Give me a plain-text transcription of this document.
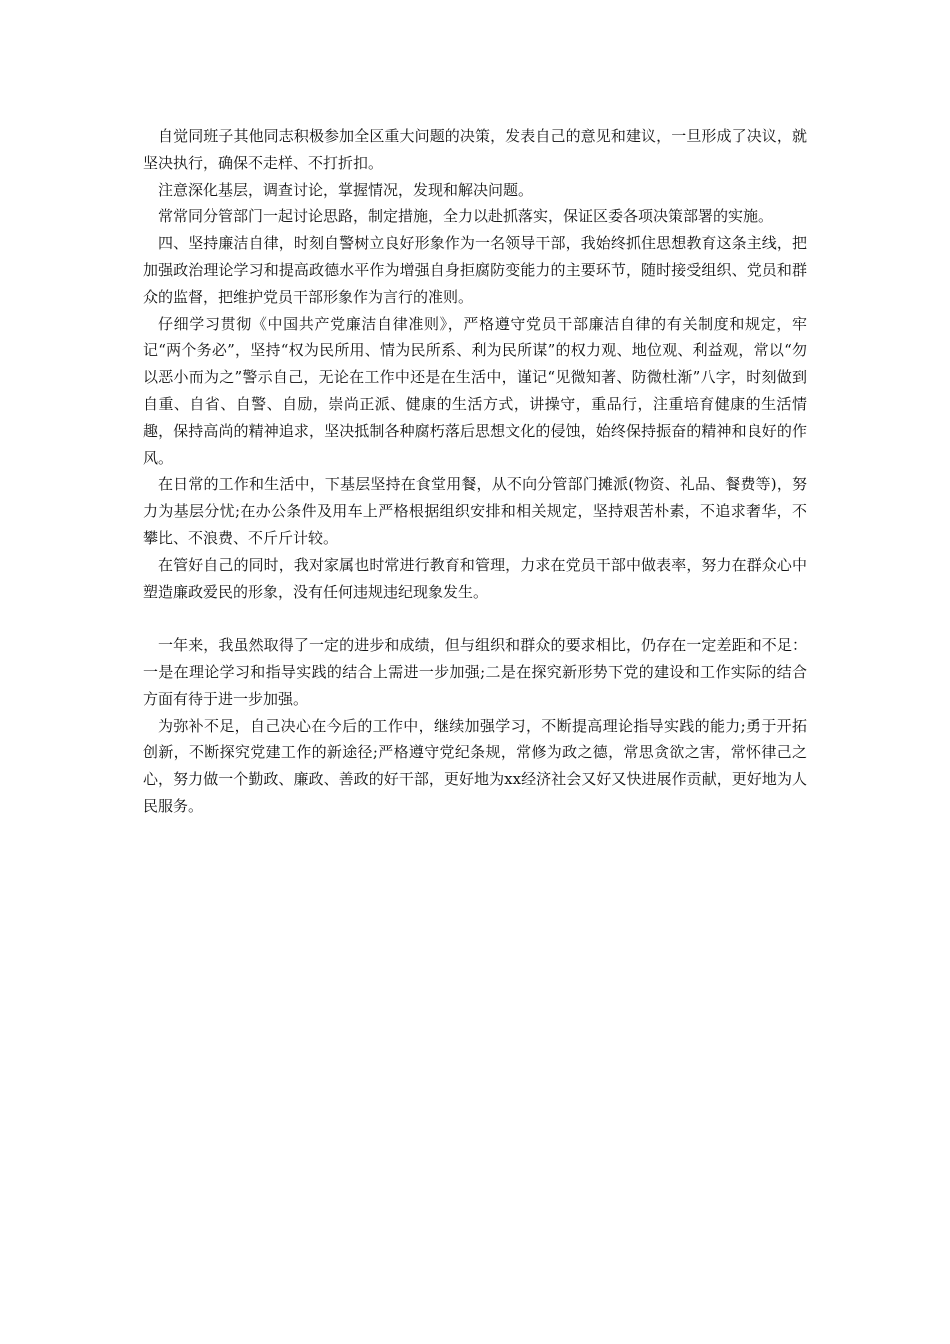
自觉同班子其他同志积极参加全区重大问题的决策，发表自己的意见和建议，一旦形成了决议，就坚决执行，确保不走样、不打折扣。

注意深化基层，调查讨论，掌握情况，发现和解决问题。

常常同分管部门一起讨论思路，制定措施，全力以赴抓落实，保证区委各项决策部署的实施。

四、坚持廉洁自律，时刻自警树立良好形象作为一名领导干部，我始终抓住思想教育这条主线，把加强政治理论学习和提高政德水平作为增强自身拒腐防变能力的主要环节，随时接受组织、党员和群众的监督，把维护党员干部形象作为言行的准则。

仔细学习贯彻《中国共产党廉洁自律准则》，严格遵守党员干部廉洁自律的有关制度和规定，牢记“两个务必”，坚持“权为民所用、情为民所系、利为民所谋”的权力观、地位观、利益观，常以“勿以恶小而为之”警示自己，无论在工作中还是在生活中，谨记“见微知著、防微杜渐”八字，时刻做到自重、自省、自警、自励，崇尚正派、健康的生活方式，讲操守，重品行，注重培育健康的生活情趣，保持高尚的精神追求，坚决抵制各种腐朽落后思想文化的侵蚀，始终保持振奋的精神和良好的作风。

在日常的工作和生活中，下基层坚持在食堂用餐，从不向分管部门摊派(物资、礼品、餐费等)，努力为基层分忧;在办公条件及用车上严格根据组织安排和相关规定，坚持艰苦朴素，不追求奢华，不攀比、不浪费、不斤斤计较。

在管好自己的同时，我对家属也时常进行教育和管理，力求在党员干部中做表率，努力在群众心中塑造廉政爱民的形象，没有任何违规违纪现象发生。

一年来，我虽然取得了一定的进步和成绩，但与组织和群众的要求相比，仍存在一定差距和不足：一是在理论学习和指导实践的结合上需进一步加强;二是在探究新形势下党的建设和工作实际的结合方面有待于进一步加强。

为弥补不足，自己决心在今后的工作中，继续加强学习，不断提高理论指导实践的能力;勇于开拓创新，不断探究党建工作的新途径;严格遵守党纪条规，常修为政之德，常思贪欲之害，常怀律己之心，努力做一个勤政、廉政、善政的好干部，更好地为xx经济社会又好又快进展作贡献，更好地为人民服务。
